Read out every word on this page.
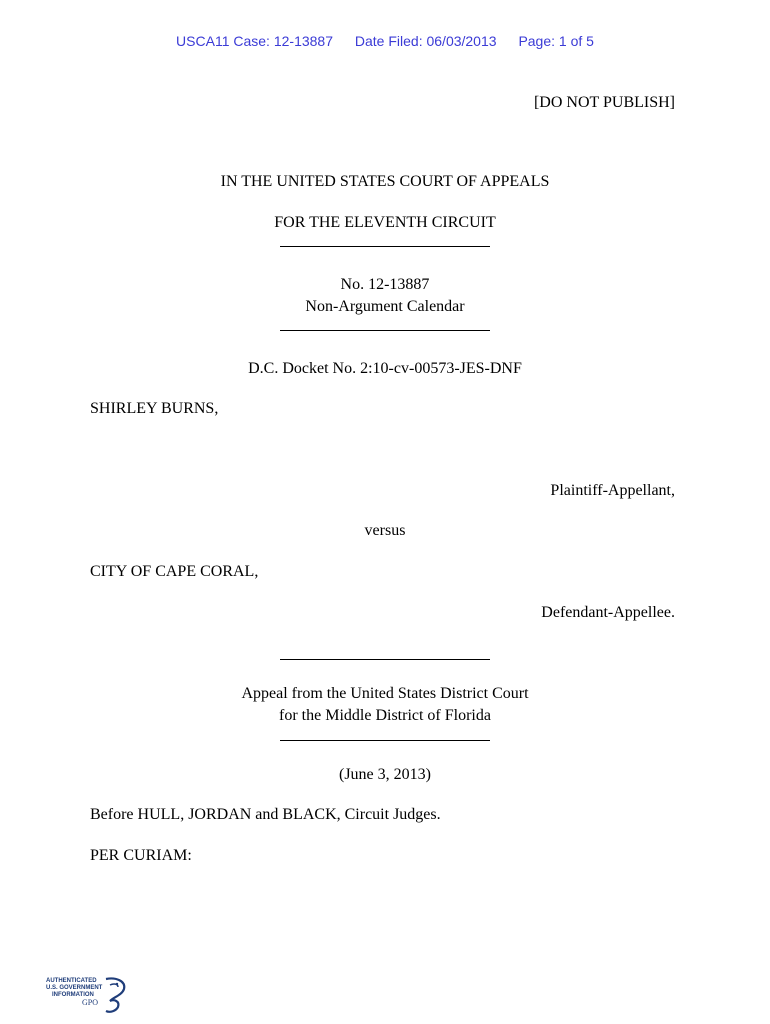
USCA11 Case: 12-13887 Date Filed: 06/03/2013 Page: 1 of 5
[DO NOT PUBLISH]
IN THE UNITED STATES COURT OF APPEALS
FOR THE ELEVENTH CIRCUIT
No. 12-13887
Non-Argument Calendar
D.C. Docket No. 2:10-cv-00573-JES-DNF
SHIRLEY BURNS,
Plaintiff-Appellant,
versus
CITY OF CAPE CORAL,
Defendant-Appellee.
Appeal from the United States District Court
for the Middle District of Florida
(June 3, 2013)
Before HULL, JORDAN and BLACK, Circuit Judges.
PER CURIAM:
AUTHENTICATED
U.S. GOVERNMENT
INFORMATION
GPO
